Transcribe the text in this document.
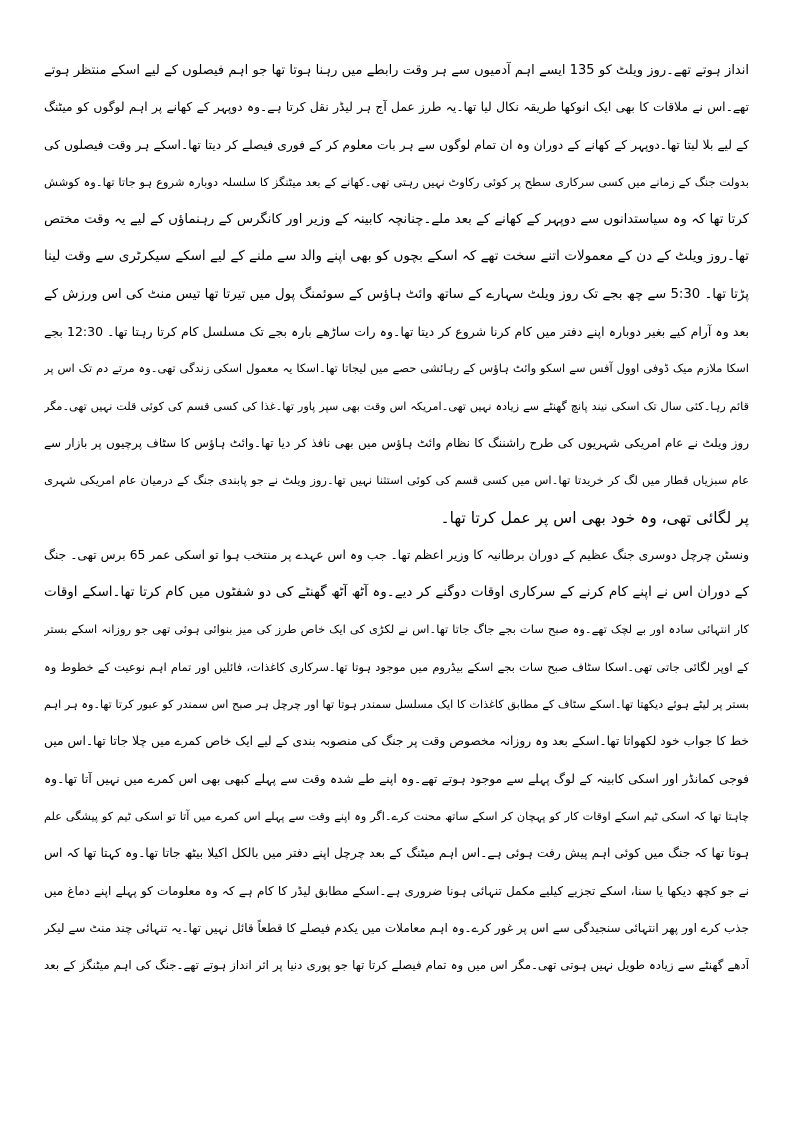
انداز ہوتے تھے۔روز ویلٹ کو 135 ایسے اہم آدمیوں سے ہر وقت رابطے میں رہنا ہوتا تھا جو اہم فیصلوں کے لیے اسکے منتظر ہوتے
تھے۔اس نے ملاقات کا بھی ایک انوکھا طریقہ نکال لیا تھا۔یہ طرز عمل آج ہر لیڈر نقل کرتا ہے۔وہ دوپہر کے کھانے پر اہم لوگوں کو میٹنگ
کے لیے بلا لیتا تھا۔دوپہر کے کھانے کے دوران وہ ان تمام لوگوں سے ہر بات معلوم کر کے فوری فیصلے کر دیتا تھا۔اسکے ہر وقت فیصلوں کی
بدولت جنگ کے زمانے میں کسی سرکاری سطح پر کوئی رکاوٹ نہیں رہتی تھی۔کھانے کے بعد میٹنگز کا سلسلہ دوبارہ شروع ہو جاتا تھا۔وہ کوشش
کرتا تھا کہ وہ سیاستدانوں سے دوپہر کے کھانے کے بعد ملے۔چنانچہ کابینہ کے وزیر اور کانگرس کے رہنماؤں کے لیے یہ وقت مختص
تھا۔روز ویلٹ کے دن کے معمولات اتنے سخت تھے کہ اسکے بچوں کو بھی اپنے والد سے ملنے کے لیے اسکے سیکرٹری سے وقت لینا
پڑتا تھا۔ 5:30 سے چھ بجے تک روز ویلٹ سہارے کے ساتھ وائٹ ہاؤس کے سوئمنگ پول میں تیرتا تھا تیس منٹ کی اس ورزش کے
بعد وہ آرام کیے بغیر دوبارہ اپنے دفتر میں کام کرنا شروع کر دیتا تھا۔وہ رات ساڑھے بارہ بجے تک مسلسل کام کرتا رہتا تھا۔ 12:30 بجے
اسکا ملازم میک ڈوفی اوول آفس سے اسکو وائٹ ہاؤس کے رہائشی حصے میں لیجاتا تھا۔اسکا یہ معمول اسکی زندگی تھی۔وہ مرتے دم تک اس پر
قائم رہا۔کئی سال تک اسکی نیند پانچ گھنٹے سے زیادہ نہیں تھی۔امریکہ اس وقت بھی سپر پاور تھا۔غذا کی کسی قسم کی کوئی قلت نہیں تھی۔مگر
روز ویلٹ نے عام امریکی شہریوں کی طرح راشننگ کا نظام وائٹ ہاؤس میں بھی نافذ کر دیا تھا۔وائٹ ہاؤس کا سٹاف پرچیوں پر بازار سے
عام سبزیاں قطار میں لگ کر خریدتا تھا۔اس میں کسی قسم کی کوئی استثنا نہیں تھا۔روز ویلٹ نے جو پابندی جنگ کے درمیان عام امریکی شہری
پر لگائی تھی، وہ خود بھی اس پر عمل کرتا تھا۔
ونسٹن چرچل دوسری جنگ عظیم کے دوران برطانیہ کا وزیر اعظم تھا۔ جب وہ اس عہدے پر منتخب ہوا تو اسکی عمر 65 برس تھی۔ جنگ
کے دوران اس نے اپنے کام کرنے کے سرکاری اوقات دوگنے کر دیے۔وہ آٹھ آٹھ گھنٹے کی دو شفٹوں میں کام کرتا تھا۔اسکے اوقات
کار انتہائی سادہ اور بے لچک تھے۔وہ صبح سات بجے جاگ جاتا تھا۔اس نے لکڑی کی ایک خاص طرز کی میز بنوائی ہوئی تھی جو روزانہ اسکے بستر
کے اوپر لگائی جاتی تھی۔اسکا سٹاف صبح سات بجے اسکے بیڈروم میں موجود ہوتا تھا۔سرکاری کاغذات، فائلیں اور تمام اہم نوعیت کے خطوط وہ
بستر پر لیٹے ہوئے دیکھتا تھا۔اسکے سٹاف کے مطابق کاغذات کا ایک مسلسل سمندر ہوتا تھا اور چرچل ہر صبح اس سمندر کو عبور کرتا تھا۔وہ ہر اہم
خط کا جواب خود لکھواتا تھا۔اسکے بعد وہ روزانہ مخصوص وقت پر جنگ کی منصوبہ بندی کے لیے ایک خاص کمرے میں چلا جاتا تھا۔اس میں
فوجی کمانڈر اور اسکی کابینہ کے لوگ پہلے سے موجود ہوتے تھے۔وہ اپنے طے شدہ وقت سے پہلے کبھی بھی اس کمرے میں نہیں آتا تھا۔وہ
چاہتا تھا کہ اسکی ٹیم اسکے اوقات کار کو پہچان کر اسکے ساتھ محنت کرے۔اگر وہ اپنے وقت سے پہلے اس کمرے میں آتا تو اسکی ٹیم کو پیشگی علم
ہوتا تھا کہ جنگ میں کوئی اہم پیش رفت ہوئی ہے۔اس اہم میٹنگ کے بعد چرچل اپنے دفتر میں بالکل اکیلا بیٹھ جاتا تھا۔وہ کہتا تھا کہ اس
نے جو کچھ دیکھا یا سنا، اسکے تجزیے کیلیے مکمل تنہائی ہونا ضروری ہے۔اسکے مطابق لیڈر کا کام ہے کہ وہ معلومات کو پہلے اپنے دماغ میں
جذب کرے اور پھر انتہائی سنجیدگی سے اس پر غور کرے۔وہ اہم معاملات میں یکدم فیصلے کا قطعاً قائل نہیں تھا۔یہ تنہائی چند منٹ سے لیکر
آدھے گھنٹے سے زیادہ طویل نہیں ہوتی تھی۔مگر اس میں وہ تمام فیصلے کرتا تھا جو پوری دنیا پر اثر انداز ہوتے تھے۔جنگ کی اہم میٹنگز کے بعد
